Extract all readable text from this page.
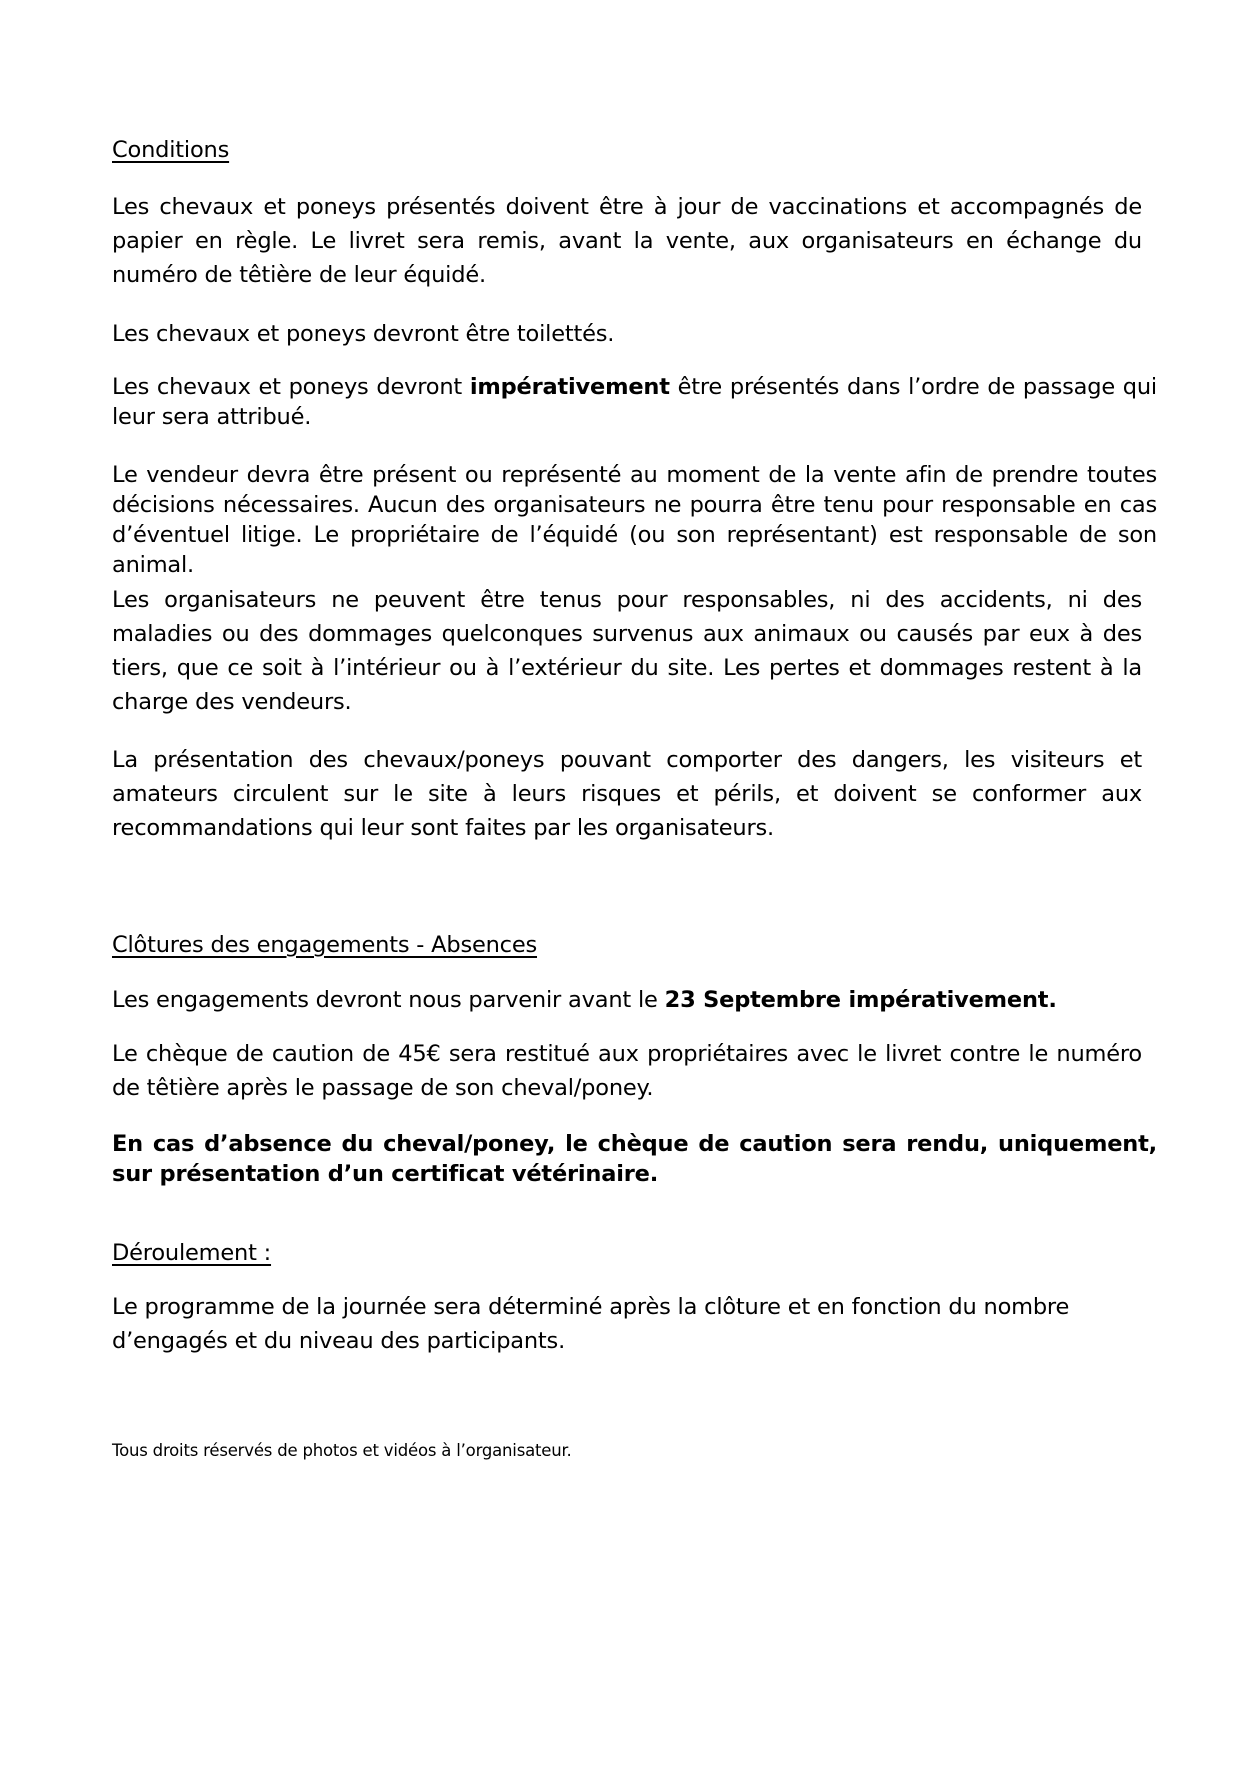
Conditions

Les chevaux et poneys présentés doivent être à jour de vaccinations et accompagnés de papier en règle. Le livret sera remis, avant la vente, aux organisateurs en échange du numéro de têtière de leur équidé.

Les chevaux et poneys devront être toilettés.

Les chevaux et poneys devront impérativement être présentés dans l’ordre de passage qui leur sera attribué.

Le vendeur devra être présent ou représenté au moment de la vente afin de prendre toutes décisions nécessaires. Aucun des organisateurs ne pourra être tenu pour responsable en cas d’éventuel litige. Le propriétaire de l’équidé (ou son représentant) est responsable de son animal.

Les organisateurs ne peuvent être tenus pour responsables, ni des accidents, ni des maladies ou des dommages quelconques survenus aux animaux ou causés par eux à des tiers, que ce soit à l’intérieur ou à l’extérieur du site. Les pertes et dommages restent à la charge des vendeurs.

La présentation des chevaux/poneys pouvant comporter des dangers, les visiteurs et amateurs circulent sur le site à leurs risques et périls, et doivent se conformer aux recommandations qui leur sont faites par les organisateurs.

Clôtures des engagements - Absences

Les engagements devront nous parvenir avant le 23 Septembre impérativement.

Le chèque de caution de 45€ sera restitué aux propriétaires avec le livret contre le numéro de têtière après le passage de son cheval/poney.

En cas d’absence du cheval/poney, le chèque de caution sera rendu, uniquement, sur présentation d’un certificat vétérinaire.

Déroulement :

Le programme de la journée sera déterminé après la clôture et en fonction du nombre d’engagés et du niveau des participants.

Tous droits réservés de photos et vidéos à l’organisateur.
